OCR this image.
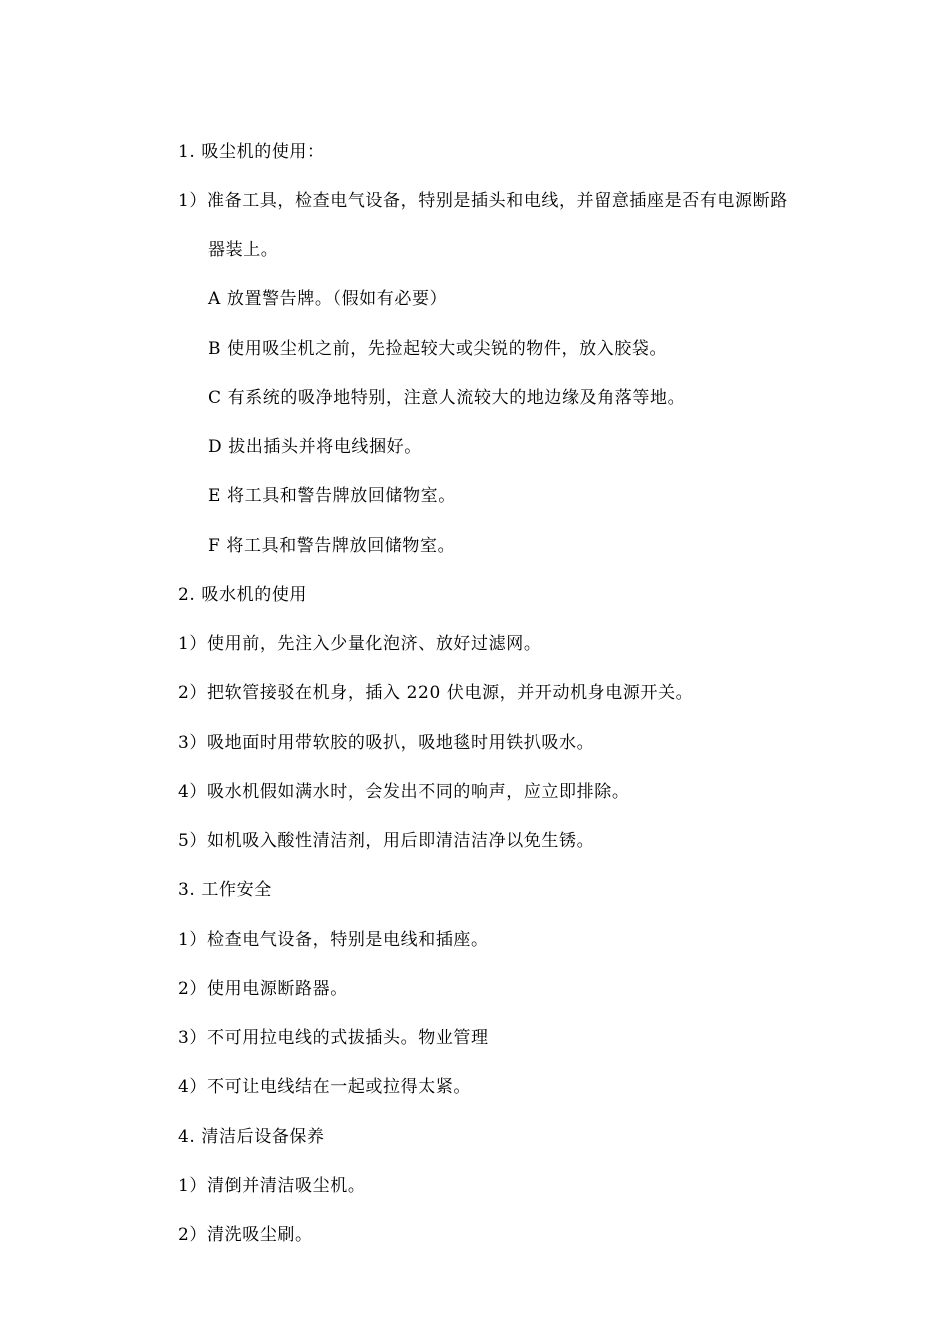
1. 吸尘机的使用：
1）准备工具，检查电气设备，特别是插头和电线，并留意插座是否有电源断路
器装上。
A 放置警告牌。（假如有必要）
B 使用吸尘机之前，先捡起较大或尖锐的物件，放入胶袋。
C 有系统的吸净地特别，注意人流较大的地边缘及角落等地。
D 拔出插头并将电线捆好。
E 将工具和警告牌放回储物室。
F 将工具和警告牌放回储物室。
2. 吸水机的使用
1）使用前，先注入少量化泡济、放好过滤网。
2）把软管接驳在机身，插入 220 伏电源，并开动机身电源开关。
3）吸地面时用带软胶的吸扒，吸地毯时用铁扒吸水。
4）吸水机假如满水时，会发出不同的响声，应立即排除。
5）如机吸入酸性清洁剂，用后即清洁洁净以免生锈。
3. 工作安全
1）检查电气设备，特别是电线和插座。
2）使用电源断路器。
3）不可用拉电线的式拔插头。物业管理
4）不可让电线结在一起或拉得太紧。
4. 清洁后设备保养
1）清倒并清洁吸尘机。
2）清洗吸尘刷。
